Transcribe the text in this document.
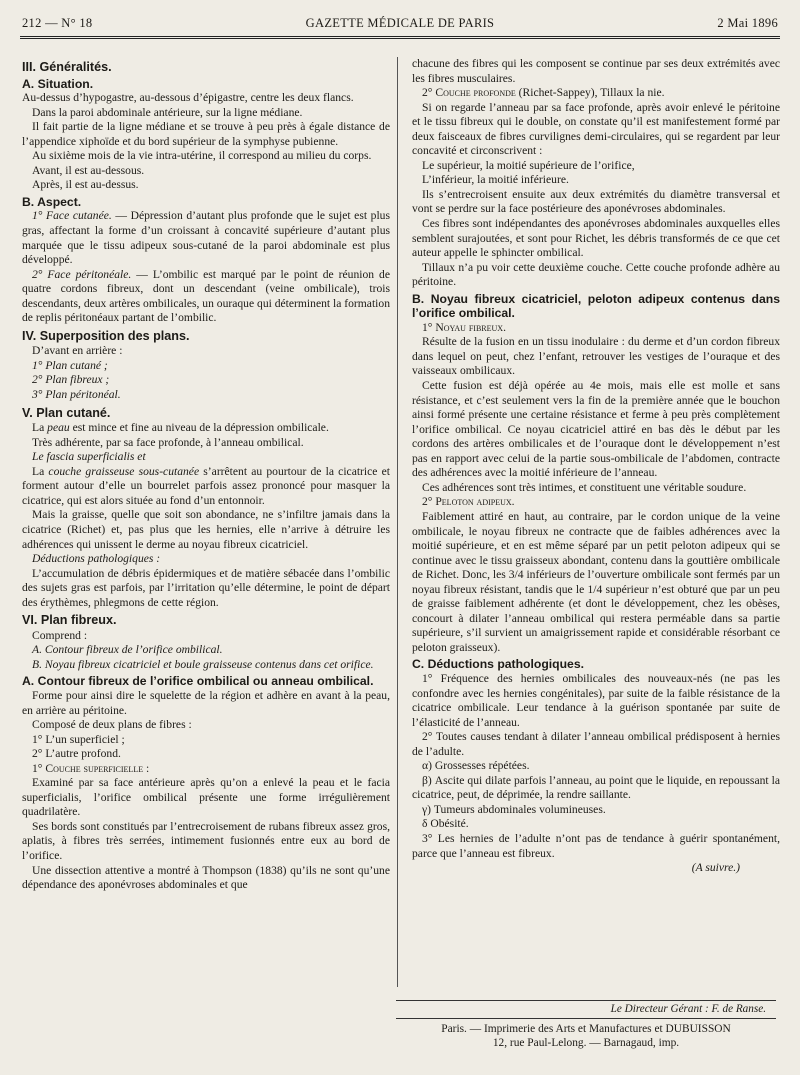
212 — N° 18	GAZETTE MÉDICALE DE PARIS	2 Mai 1896
III. Généralités.
A. Situation.

Au-dessus d’hypogastre, au-dessous d’épigastre, centre les deux flancs.

Dans la paroi abdominale antérieure, sur la ligne médiane.

Il fait partie de la ligne médiane et se trouve à peu près à égale distance de l’appendice xiphoïde et du bord supérieur de la symphyse pubienne.

Au sixième mois de la vie intra-utérine, il correspond au milieu du corps.

Avant, il est au-dessous.

Après, il est au-dessus.

B. Aspect.

1° Face cutanée. — Dépression d’autant plus profonde que le sujet est plus gras, affectant la forme d’un croissant à concavité supérieure d’autant plus marquée que le tissu adipeux sous-cutané de la paroi abdominale est plus développé.

2° Face péritonéale. — L’ombilic est marqué par le point de réunion de quatre cordons fibreux, dont un descendant (veine ombilicale), trois descendants, deux artères ombilicales, un ouraque qui déterminent la formation de replis péritonéaux partant de l’ombilic.

IV. Superposition des plans.

D’avant en arrière :

1° Plan cutané ;

2° Plan fibreux ;

3° Plan péritonéal.

V. Plan cutané.

La peau est mince et fine au niveau de la dépression ombilicale.

Très adhérente, par sa face profonde, à l’anneau ombilical.

Le fascia superficialis et

La couche graisseuse sous-cutanée s’arrêtent au pourtour de la cicatrice et forment autour d’elle un bourrelet parfois assez prononcé pour masquer la cicatrice, qui est alors située au fond d’un entonnoir.

Mais la graisse, quelle que soit son abondance, ne s’infiltre jamais dans la cicatrice (Richet) et, pas plus que les hernies, elle n’arrive à détruire les adhérences qui unissent le derme au noyau fibreux cicatriciel.

Déductions pathologiques :

L’accumulation de débris épidermiques et de matière sébacée dans l’ombilic des sujets gras est parfois, par l’irritation qu’elle détermine, le point de départ des érythèmes, phlegmons de cette région.

VI. Plan fibreux.

Comprend :

A. Contour fibreux de l’orifice ombilical.

B. Noyau fibreux cicatriciel et boule graisseuse contenus dans cet orifice.

A. Contour fibreux de l’orifice ombilical ou anneau ombilical.

Forme pour ainsi dire le squelette de la région et adhère en avant à la peau, en arrière au péritoine.

Composé de deux plans de fibres :

1° L’un superficiel ;

2° L’autre profond.

1° Couche superficielle :

Examiné par sa face antérieure après qu’on a enlevé la peau et le facia superficialis, l’orifice ombilical présente une forme irrégulièrement quadrilatère.

Ses bords sont constitués par l’entrecroisement de rubans fibreux assez gros, aplatis, à fibres très serrées, intimement fusionnés entre eux au bord de l’orifice.

Une dissection attentive a montré à Thompson (1838) qu’ils ne sont qu’une dépendance des aponévroses abdominales et que

chacune des fibres qui les composent se continue par ses deux extrémités avec les fibres musculaires.

2° Couche profonde (Richet-Sappey), Tillaux la nie.

Si on regarde l’anneau par sa face profonde, après avoir enlevé le péritoine et le tissu fibreux qui le double, on constate qu’il est manifestement formé par deux faisceaux de fibres curvilignes demi-circulaires, qui se regardent par leur concavité et circonscrivent :

Le supérieur, la moitié supérieure de l’orifice,

L’inférieur, la moitié inférieure.

Ils s’entrecroisent ensuite aux deux extrémités du diamètre transversal et vont se perdre sur la face postérieure des aponévroses abdominales.

Ces fibres sont indépendantes des aponévroses abdominales auxquelles elles semblent surajoutées, et sont pour Richet, les débris transformés de ce que cet auteur appelle le sphincter ombilical.

Tillaux n’a pu voir cette deuxième couche. Cette couche profonde adhère au péritoine.

B. Noyau fibreux cicatriciel, peloton adipeux contenus dans l’orifice ombilical.

1° Noyau fibreux.

Résulte de la fusion en un tissu inodulaire : du derme et d’un cordon fibreux dans lequel on peut, chez l’enfant, retrouver les vestiges de l’ouraque et des vaisseaux ombilicaux.

Cette fusion est déjà opérée au 4e mois, mais elle est molle et sans résistance, et c’est seulement vers la fin de la première année que le bouchon ainsi formé présente une certaine résistance et ferme à peu près complètement l’orifice ombilical. Ce noyau cicatriciel attiré en bas dès le début par les cordons des artères ombilicales et de l’ouraque dont le développement n’est pas en rapport avec celui de la partie sous-ombilicale de l’abdomen, contracte des adhérences avec la moitié inférieure de l’anneau.

Ces adhérences sont très intimes, et constituent une véritable soudure.

2° Peloton adipeux.

Faiblement attiré en haut, au contraire, par le cordon unique de la veine ombilicale, le noyau fibreux ne contracte que de faibles adhérences avec la moitié supérieure, et en est même séparé par un petit peloton adipeux qui se continue avec le tissu graisseux abondant, contenu dans la gouttière ombilicale de Richet. Donc, les 3/4 inférieurs de l’ouverture ombilicale sont fermés par un noyau fibreux résistant, tandis que le 1/4 supérieur n’est obturé que par un peu de graisse faiblement adhérente (et dont le développement, chez les obèses, concourt à dilater l’anneau ombilical qui restera perméable dans sa partie supérieure, s’il survient un amaigrissement rapide et considérable résorbant ce peloton graisseux).

C. Déductions pathologiques.

1° Fréquence des hernies ombilicales des nouveaux-nés (ne pas les confondre avec les hernies congénitales), par suite de la faible résistance de la cicatrice ombilicale. Leur tendance à la guérison spontanée par suite de l’élasticité de l’anneau.

2° Toutes causes tendant à dilater l’anneau ombilical prédisposent à hernies de l’adulte.

α) Grossesses répétées.

β) Ascite qui dilate parfois l’anneau, au point que le liquide, en repoussant la cicatrice, peut, de déprimée, la rendre saillante.

γ) Tumeurs abdominales volumineuses.

δ Obésité.

3° Les hernies de l’adulte n’ont pas de tendance à guérir spontanément, parce que l’anneau est fibreux.

(A suivre.)

Le Directeur Gérant : F. de Ranse.
Paris. — Imprimerie des Arts et Manufactures et DUBUISSON
12, rue Paul-Lelong. — Barnagaud, imp.
